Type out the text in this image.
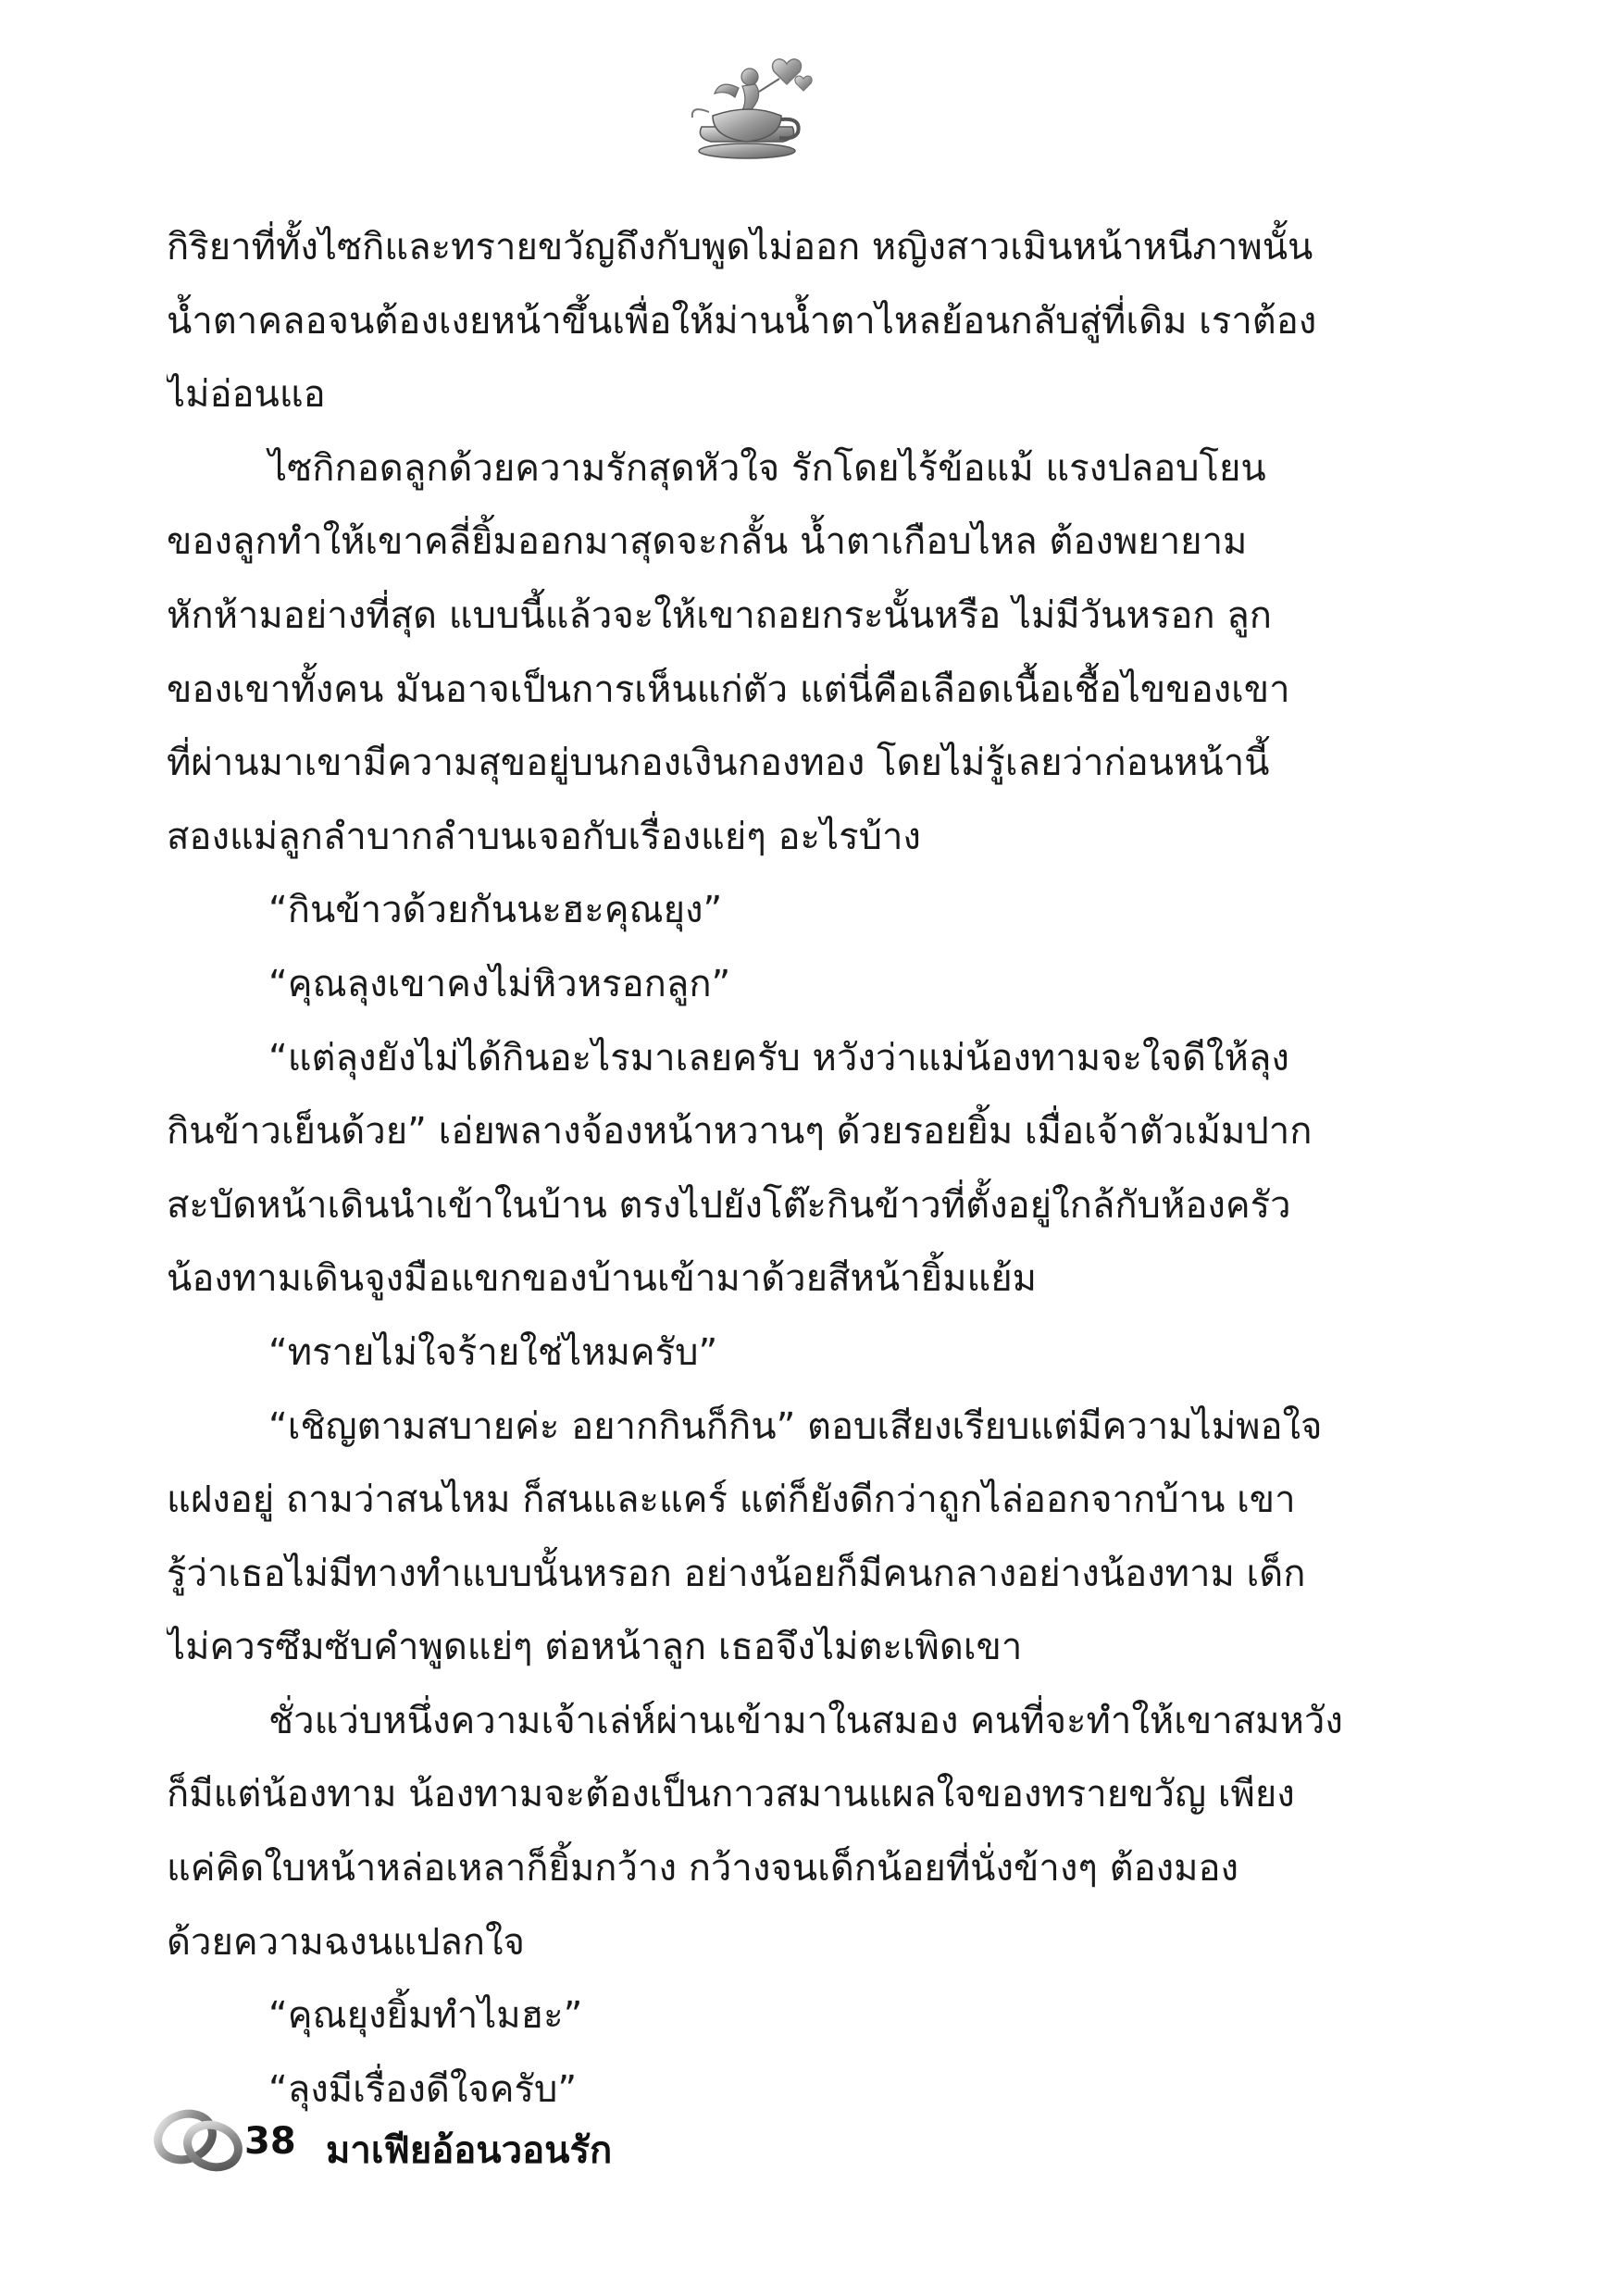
กิริยาที่ทั้งไซกิและทรายขวัญถึงกับพูดไม่ออก หญิงสาวเมินหน้าหนีภาพนั้น

น้ำตาคลอจนต้องเงยหน้าขึ้นเพื่อให้ม่านน้ำตาไหลย้อนกลับสู่ที่เดิม เราต้อง

ไม่อ่อนแอ

ไซกิกอดลูกด้วยความรักสุดหัวใจ รักโดยไร้ข้อแม้ แรงปลอบโยน

ของลูกทำให้เขาคลี่ยิ้มออกมาสุดจะกลั้น น้ำตาเกือบไหล ต้องพยายาม

หักห้ามอย่างที่สุด แบบนี้แล้วจะให้เขาถอยกระนั้นหรือ ไม่มีวันหรอก ลูก

ของเขาทั้งคน มันอาจเป็นการเห็นแก่ตัว แต่นี่คือเลือดเนื้อเชื้อไขของเขา

ที่ผ่านมาเขามีความสุขอยู่บนกองเงินกองทอง โดยไม่รู้เลยว่าก่อนหน้านี้

สองแม่ลูกลำบากลำบนเจอกับเรื่องแย่ๆ อะไรบ้าง

“กินข้าวด้วยกันนะฮะคุณยุง”

“คุณลุงเขาคงไม่หิวหรอกลูก”

“แต่ลุงยังไม่ได้กินอะไรมาเลยครับ หวังว่าแม่น้องทามจะใจดีให้ลุง

กินข้าวเย็นด้วย” เอ่ยพลางจ้องหน้าหวานๆ ด้วยรอยยิ้ม เมื่อเจ้าตัวเม้มปาก

สะบัดหน้าเดินนำเข้าในบ้าน ตรงไปยังโต๊ะกินข้าวที่ตั้งอยู่ใกล้กับห้องครัว

น้องทามเดินจูงมือแขกของบ้านเข้ามาด้วยสีหน้ายิ้มแย้ม

“ทรายไม่ใจร้ายใช่ไหมครับ”

“เชิญตามสบายค่ะ อยากกินก็กิน” ตอบเสียงเรียบแต่มีความไม่พอใจ

แฝงอยู่ ถามว่าสนไหม ก็สนและแคร์ แต่ก็ยังดีกว่าถูกไล่ออกจากบ้าน เขา

รู้ว่าเธอไม่มีทางทำแบบนั้นหรอก อย่างน้อยก็มีคนกลางอย่างน้องทาม เด็ก

ไม่ควรซึมซับคำพูดแย่ๆ ต่อหน้าลูก เธอจึงไม่ตะเพิดเขา

ชั่วแว่บหนึ่งความเจ้าเล่ห์ผ่านเข้ามาในสมอง คนที่จะทำให้เขาสมหวัง

ก็มีแต่น้องทาม น้องทามจะต้องเป็นกาวสมานแผลใจของทรายขวัญ เพียง

แค่คิดใบหน้าหล่อเหลาก็ยิ้มกว้าง กว้างจนเด็กน้อยที่นั่งข้างๆ ต้องมอง

ด้วยความฉงนแปลกใจ

“คุณยุงยิ้มทำไมฮะ”

“ลุงมีเรื่องดีใจครับ”

38 มาเฟียอ้อนวอนรัก
